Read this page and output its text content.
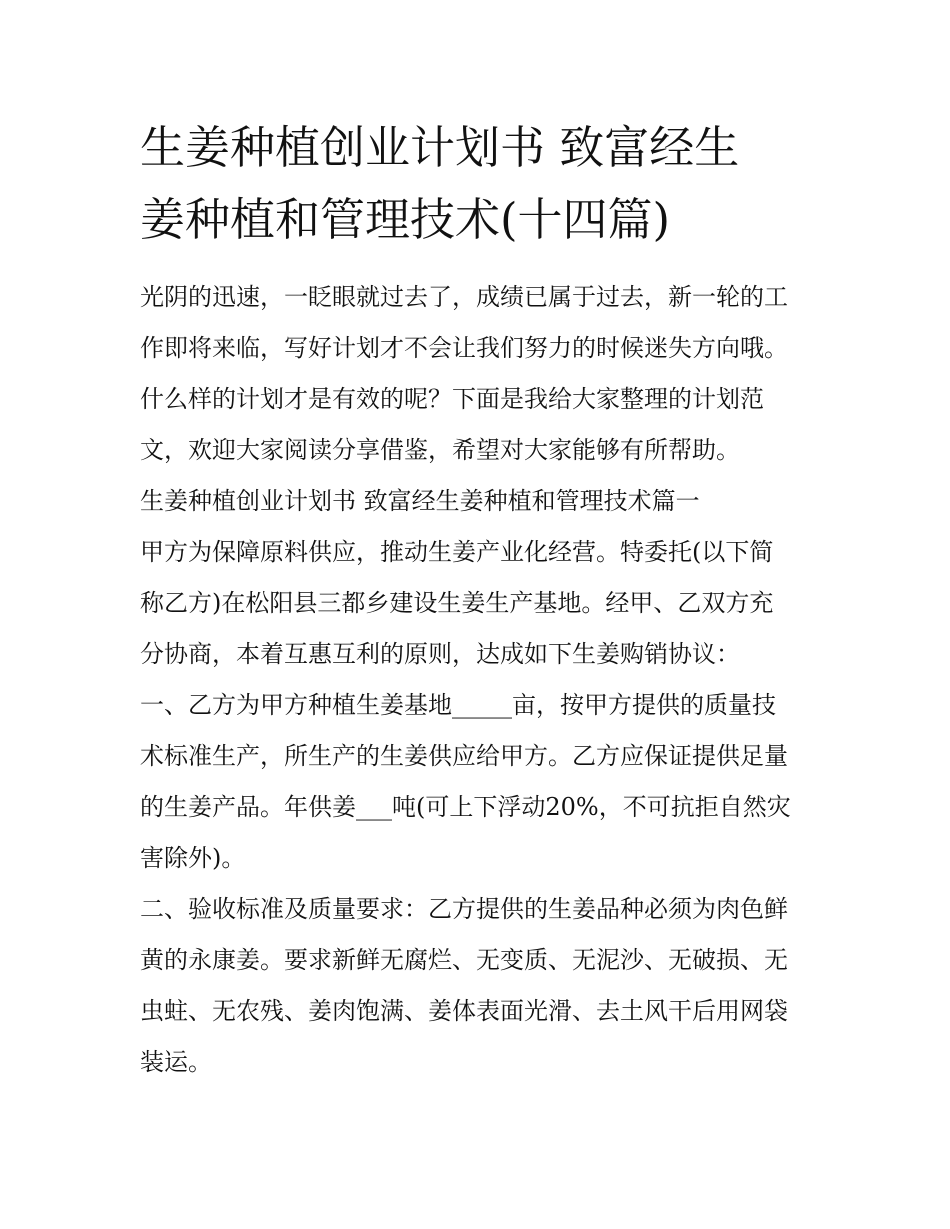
生姜种植创业计划书 致富经生
姜种植和管理技术(十四篇)
光阴的迅速，一眨眼就过去了，成绩已属于过去，新一轮的工
作即将来临，写好计划才不会让我们努力的时候迷失方向哦。
什么样的计划才是有效的呢？下面是我给大家整理的计划范
文，欢迎大家阅读分享借鉴，希望对大家能够有所帮助。
生姜种植创业计划书 致富经生姜种植和管理技术篇一
甲方为保障原料供应，推动生姜产业化经营。特委托(以下简
称乙方)在松阳县三都乡建设生姜生产基地。经甲、乙双方充
分协商，本着互惠互利的原则，达成如下生姜购销协议：
一、乙方为甲方种植生姜基地_____亩，按甲方提供的质量技
术标准生产，所生产的生姜供应给甲方。乙方应保证提供足量
的生姜产品。年供姜___吨(可上下浮动20%，不可抗拒自然灾
害除外)。
二、验收标准及质量要求：乙方提供的生姜品种必须为肉色鲜
黄的永康姜。要求新鲜无腐烂、无变质、无泥沙、无破损、无
虫蛀、无农残、姜肉饱满、姜体表面光滑、去土风干后用网袋
装运。
